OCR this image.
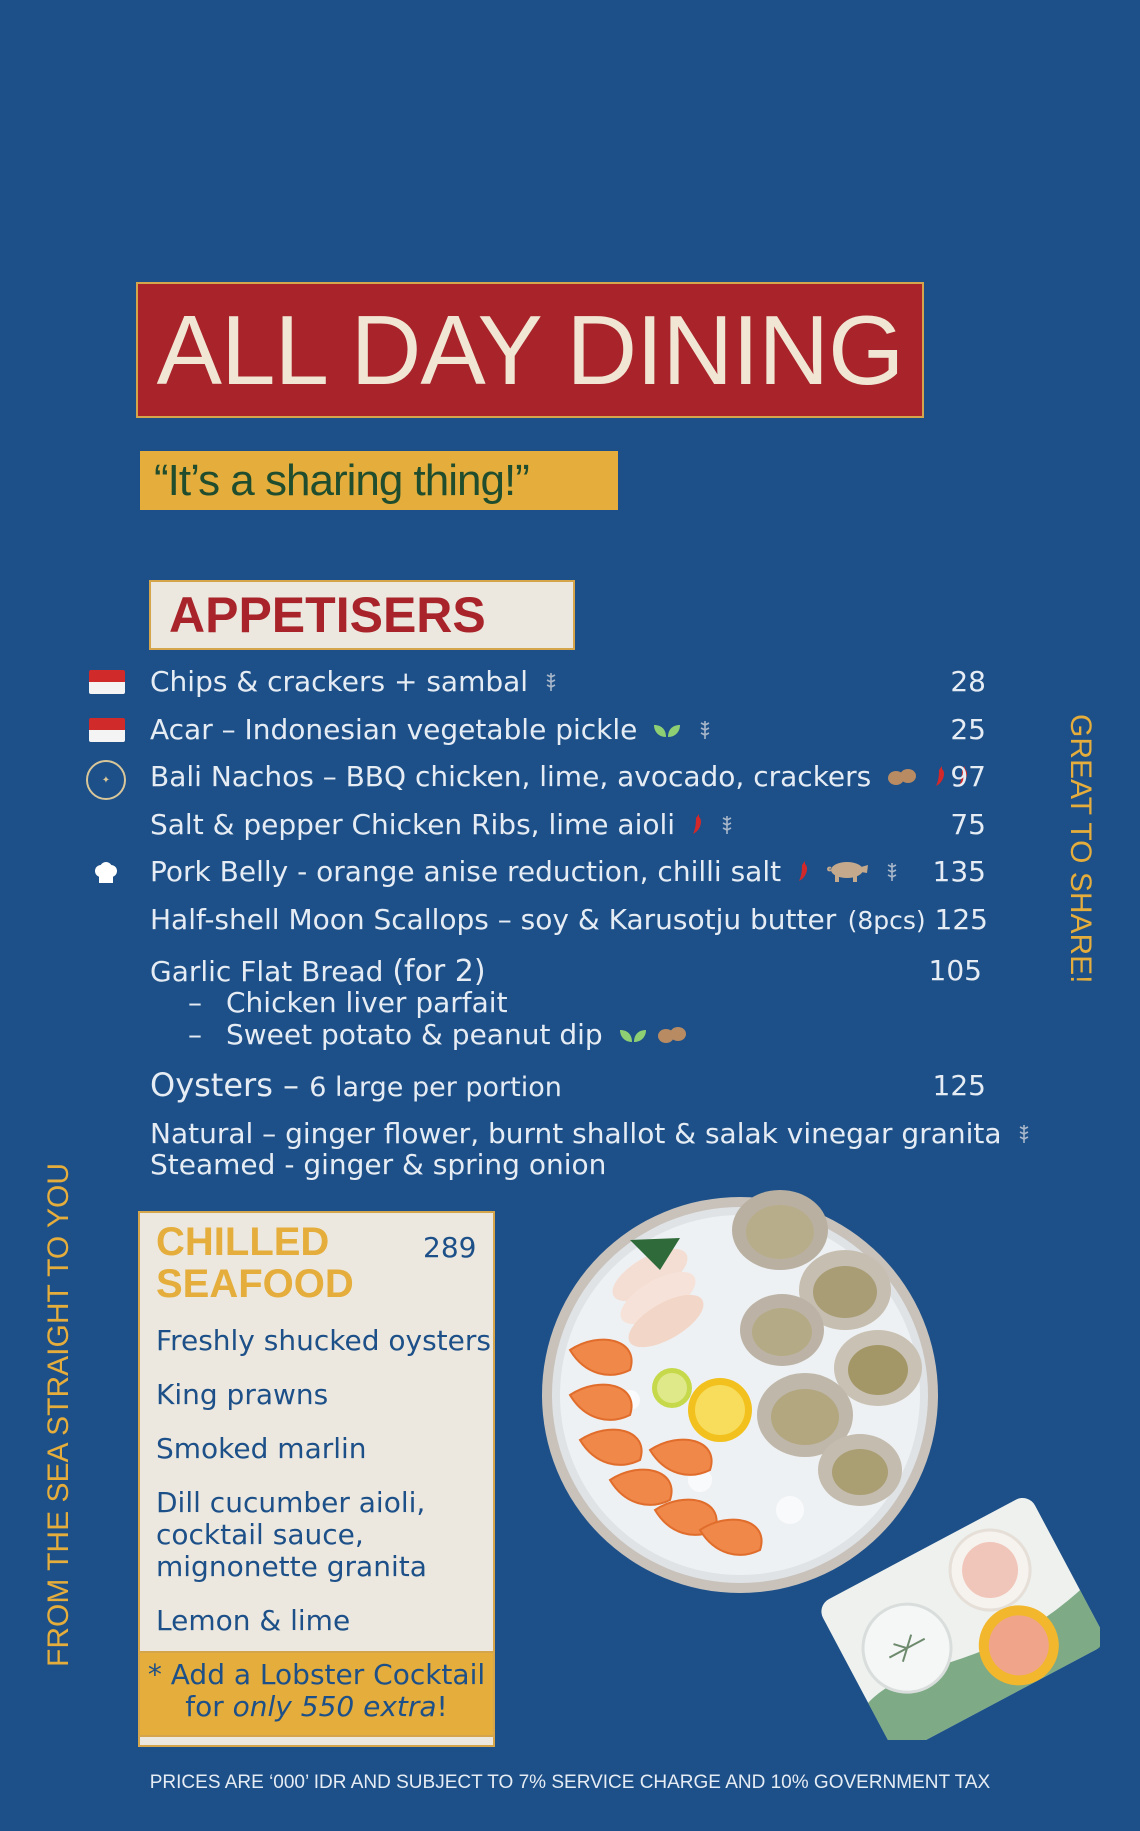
ALL DAY DINING
“It’s a sharing thing!”
APPETISERS
Chips & crackers + sambal	28
Acar – Indonesian vegetable pickle	25
✦	Bali Nachos – BBQ chicken, lime, avocado, crackers	97
Salt & pepper Chicken Ribs, lime aioli	75
Pork Belly - orange anise reduction, chilli salt	135
Half-shell Moon Scallops – soy & Karusotju butter (8pcs) 125
Garlic Flat Bread (for 2)	105
– Chicken liver parfait
– Sweet potato & peanut dip
Oysters – 6 large per portion	125
Natural – ginger flower, burnt shallot & salak vinegar granita
Steamed - ginger & spring onion
GREAT TO SHARE!
FROM THE SEA STRAIGHT TO YOU CHILLED
SEAFOOD
289
Freshly shucked oysters
King prawns
Smoked marlin
Dill cucumber aioli,
cocktail sauce,
mignonette granita
Lemon & lime
* Add a Lobster Cocktail
for only 550 extra!
PRICES ARE ‘000’ IDR AND SUBJECT TO 7% SERVICE CHARGE AND 10% GOVERNMENT TAX
